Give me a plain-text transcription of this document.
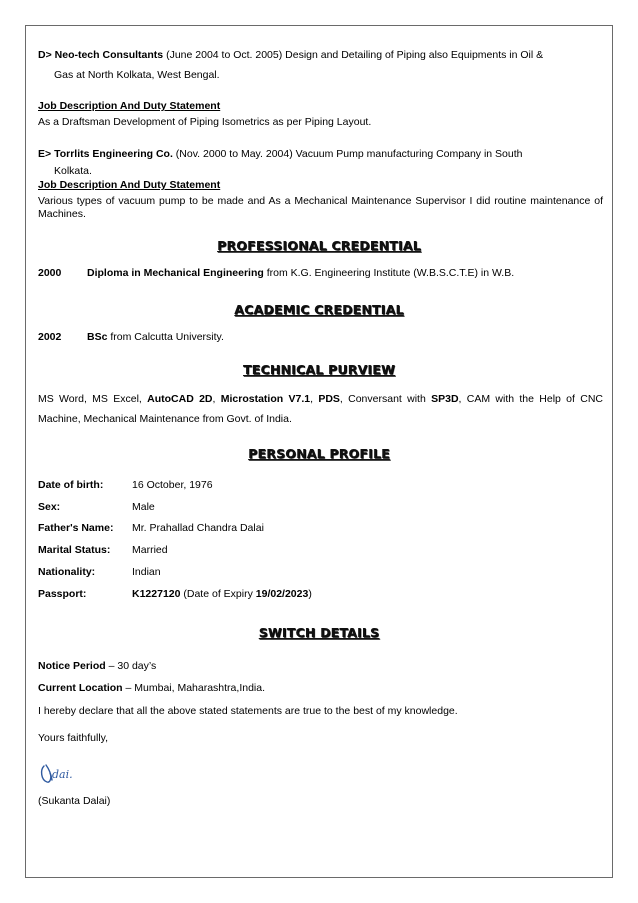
D> Neo-tech Consultants (June 2004 to Oct. 2005) Design and Detailing of Piping also Equipments in Oil &
Gas at North Kolkata, West Bengal.
Job Description And Duty Statement
As a Draftsman Development of Piping Isometrics as per Piping Layout.
E> Torrlits Engineering Co. (Nov. 2000 to May. 2004) Vacuum Pump manufacturing Company in South
Kolkata.
Job Description And Duty Statement
Various types of vacuum pump to be made and As a Mechanical Maintenance Supervisor I did routine maintenance of Machines.
PROFESSIONAL CREDENTIAL
2000 Diploma in Mechanical Engineering from K.G. Engineering Institute (W.B.S.C.T.E) in W.B.
ACADEMIC CREDENTIAL
2002 BSc from Calcutta University.
TECHNICAL PURVIEW
MS Word, MS Excel, AutoCAD 2D, Microstation V7.1, PDS, Conversant with SP3D, CAM with the Help of CNC Machine, Mechanical Maintenance from Govt. of India.
PERSONAL PROFILE
Date of birth:	16 October, 1976
Sex:	Male
Father's Name: Mr. Prahallad Chandra Dalai
Marital Status: Married
Nationality:	Indian
Passport:	K1227120 (Date of Expiry 19/02/2023)
SWITCH DETAILS
Notice Period – 30 day’s
Current Location – Mumbai, Maharashtra,India.
I hereby declare that all the above stated statements are true to the best of my knowledge.
Yours faithfully,
dai.
(Sukanta Dalai)
